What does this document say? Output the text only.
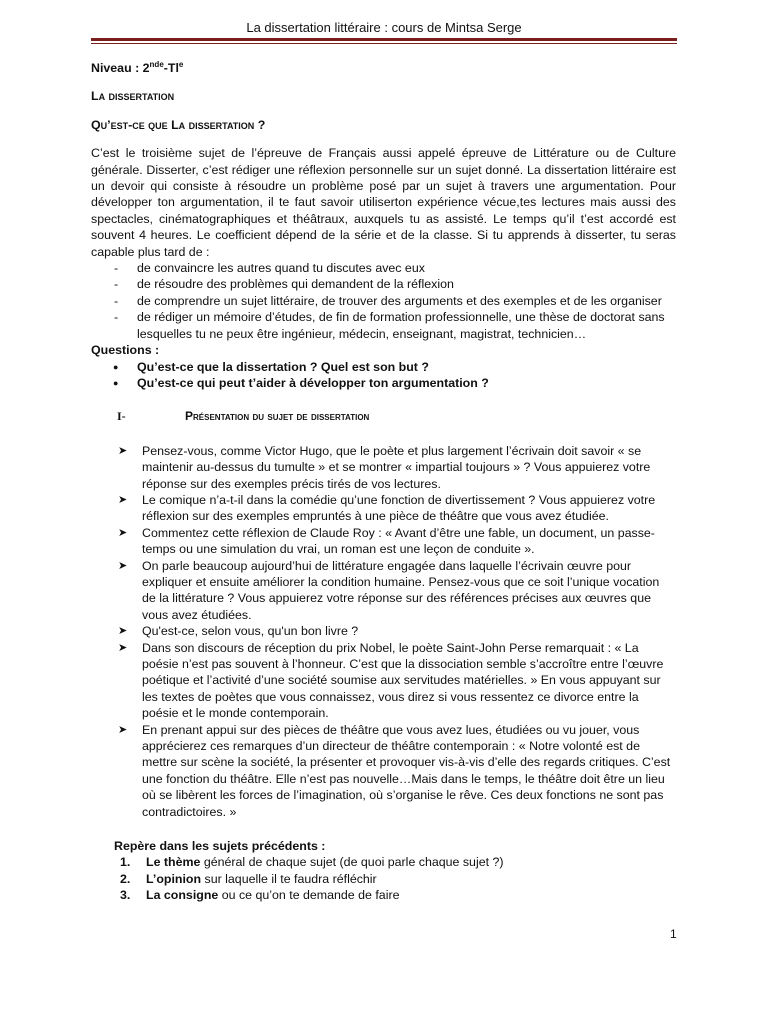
La dissertation littéraire : cours de Mintsa Serge

Niveau : 2nde-Tl$^e$

La dissertation

Qu’est-ce que La dissertation ?

C’est le troisième sujet de l’épreuve de Français aussi appelé épreuve de Littérature ou de Culture générale. Disserter, c’est rédiger une réflexion personnelle sur un sujet donné. La dissertation littéraire est un devoir qui consiste à résoudre un problème posé par un sujet à travers une argumentation. Pour développer ton argumentation, il te faut savoir utiliserton expérience vécue,tes lectures mais aussi des spectacles, cinématographiques et théâtraux, auxquels tu as assisté. Le temps qu’il t’est accordé est souvent 4 heures. Le coefficient dépend de la série et de la classe. Si tu apprends à disserter, tu seras capable plus tard de :

- de convaincre les autres quand tu discutes avec eux
- de résoudre des problèmes qui demandent de la réflexion
- de comprendre un sujet littéraire, de trouver des arguments et des exemples et de les organiser
- de rédiger un mémoire d’études, de fin de formation professionnelle, une thèse de doctorat sans lesquelles tu ne peux être ingénieur, médecin, enseignant, magistrat, technicien…

Questions :

● Qu’est-ce que la dissertation ? Quel est son but ?
● Qu’est-ce qui peut t’aider à développer ton argumentation ?
I-	Présentation du sujet de dissertation
➤ Pensez-vous, comme Victor Hugo, que le poète et plus largement l’écrivain doit savoir « se maintenir au-dessus du tumulte » et se montrer « impartial toujours » ? Vous appuierez votre réponse sur des exemples précis tirés de vos lectures.
➤ Le comique n’a-t-il dans la comédie qu’une fonction de divertissement ? Vous appuierez votre réflexion sur des exemples empruntés à une pièce de théâtre que vous avez étudiée.
➤ Commentez cette réflexion de Claude Roy : « Avant d’être une fable, un document, un passe-temps ou une simulation du vrai, un roman est une leçon de conduite ».
➤ On parle beaucoup aujourd’hui de littérature engagée dans laquelle l’écrivain œuvre pour expliquer et ensuite améliorer la condition humaine. Pensez-vous que ce soit l’unique vocation de la littérature ? Vous appuierez votre réponse sur des références précises aux œuvres que vous avez étudiées.
➤ Qu'est-ce, selon vous, qu'un bon livre ?
➤ Dans son discours de réception du prix Nobel, le poète Saint-John Perse remarquait : « La poésie n’est pas souvent à l’honneur. C’est que la dissociation semble s’accroître entre l’œuvre poétique et l’activité d’une société soumise aux servitudes matérielles. » En vous appuyant sur les textes de poètes que vous connaissez, vous direz si vous ressentez ce divorce entre la poésie et le monde contemporain.
➤ En prenant appui sur des pièces de théâtre que vous avez lues, étudiées ou vu jouer, vous apprécierez ces remarques d’un directeur de théâtre contemporain : « Notre volonté est de mettre sur scène la société, la présenter et provoquer vis-à-vis d’elle des regards critiques. C’est une fonction du théâtre. Elle n’est pas nouvelle…Mais dans le temps, le théâtre doit être un lieu où se libèrent les forces de l’imagination, où s’organise le rêve. Ces deux fonctions ne sont pas contradictoires. »

Repère dans les sujets précédents :

1. Le thème général de chaque sujet (de quoi parle chaque sujet ?)
2. L’opinion sur laquelle il te faudra réfléchir
3. La consigne ou ce qu’on te demande de faire
1
